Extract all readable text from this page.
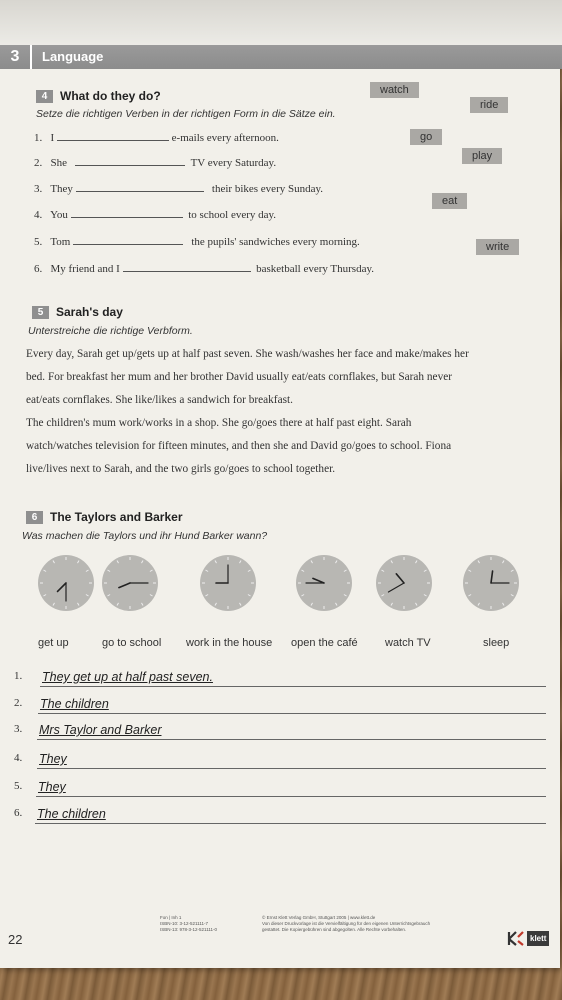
3	Language
4	What do they do?
Setze die richtigen Verben in der richtigen Form in die Sätze ein.
1. I	e-mails every afternoon.
2. She	TV every Saturday.
3. They	their bikes every Sunday.
4. You	to school every day.
5. Tom	the pupils' sandwiches every morning.
6. My friend and I	basketball every Thursday.
watch
ride
go
play
eat
write
5	Sarah's day
Unterstreiche die richtige Verbform.
Every day, Sarah get up/gets up at half past seven. She wash/washes her face and make/makes her
bed. For breakfast her mum and her brother David usually eat/eats cornflakes, but Sarah never
eat/eats cornflakes. She like/likes a sandwich for breakfast.
The children's mum work/works in a shop. She go/goes there at half past eight. Sarah
watch/watches television for fifteen minutes, and then she and David go/goes to school. Fiona
live/lives next to Sarah, and the two girls go/goes to school together.
6	The Taylors and Barker
Was machen die Taylors und ihr Hund Barker wann?
get up	go to school work in the house open the café watch TV	sleep
1. They get up at half past seven.
2. The children
3. Mrs Taylor and Barker
4. They
5. They
6. The children
22
Fon | Inh 1
ISBN-10: 3-12-521111-7
ISBN-13: 978-3-12-521111-0
© Ernst Klett Verlag GmbH, Stuttgart 2005 | www.klett.de
Von dieser Druckvorlage ist die Vervielfältigung für den eigenen Unterrichtsgebrauch
gestattet. Die Kopiergebühren sind abgegolten. Alle Rechte vorbehalten.
klett
